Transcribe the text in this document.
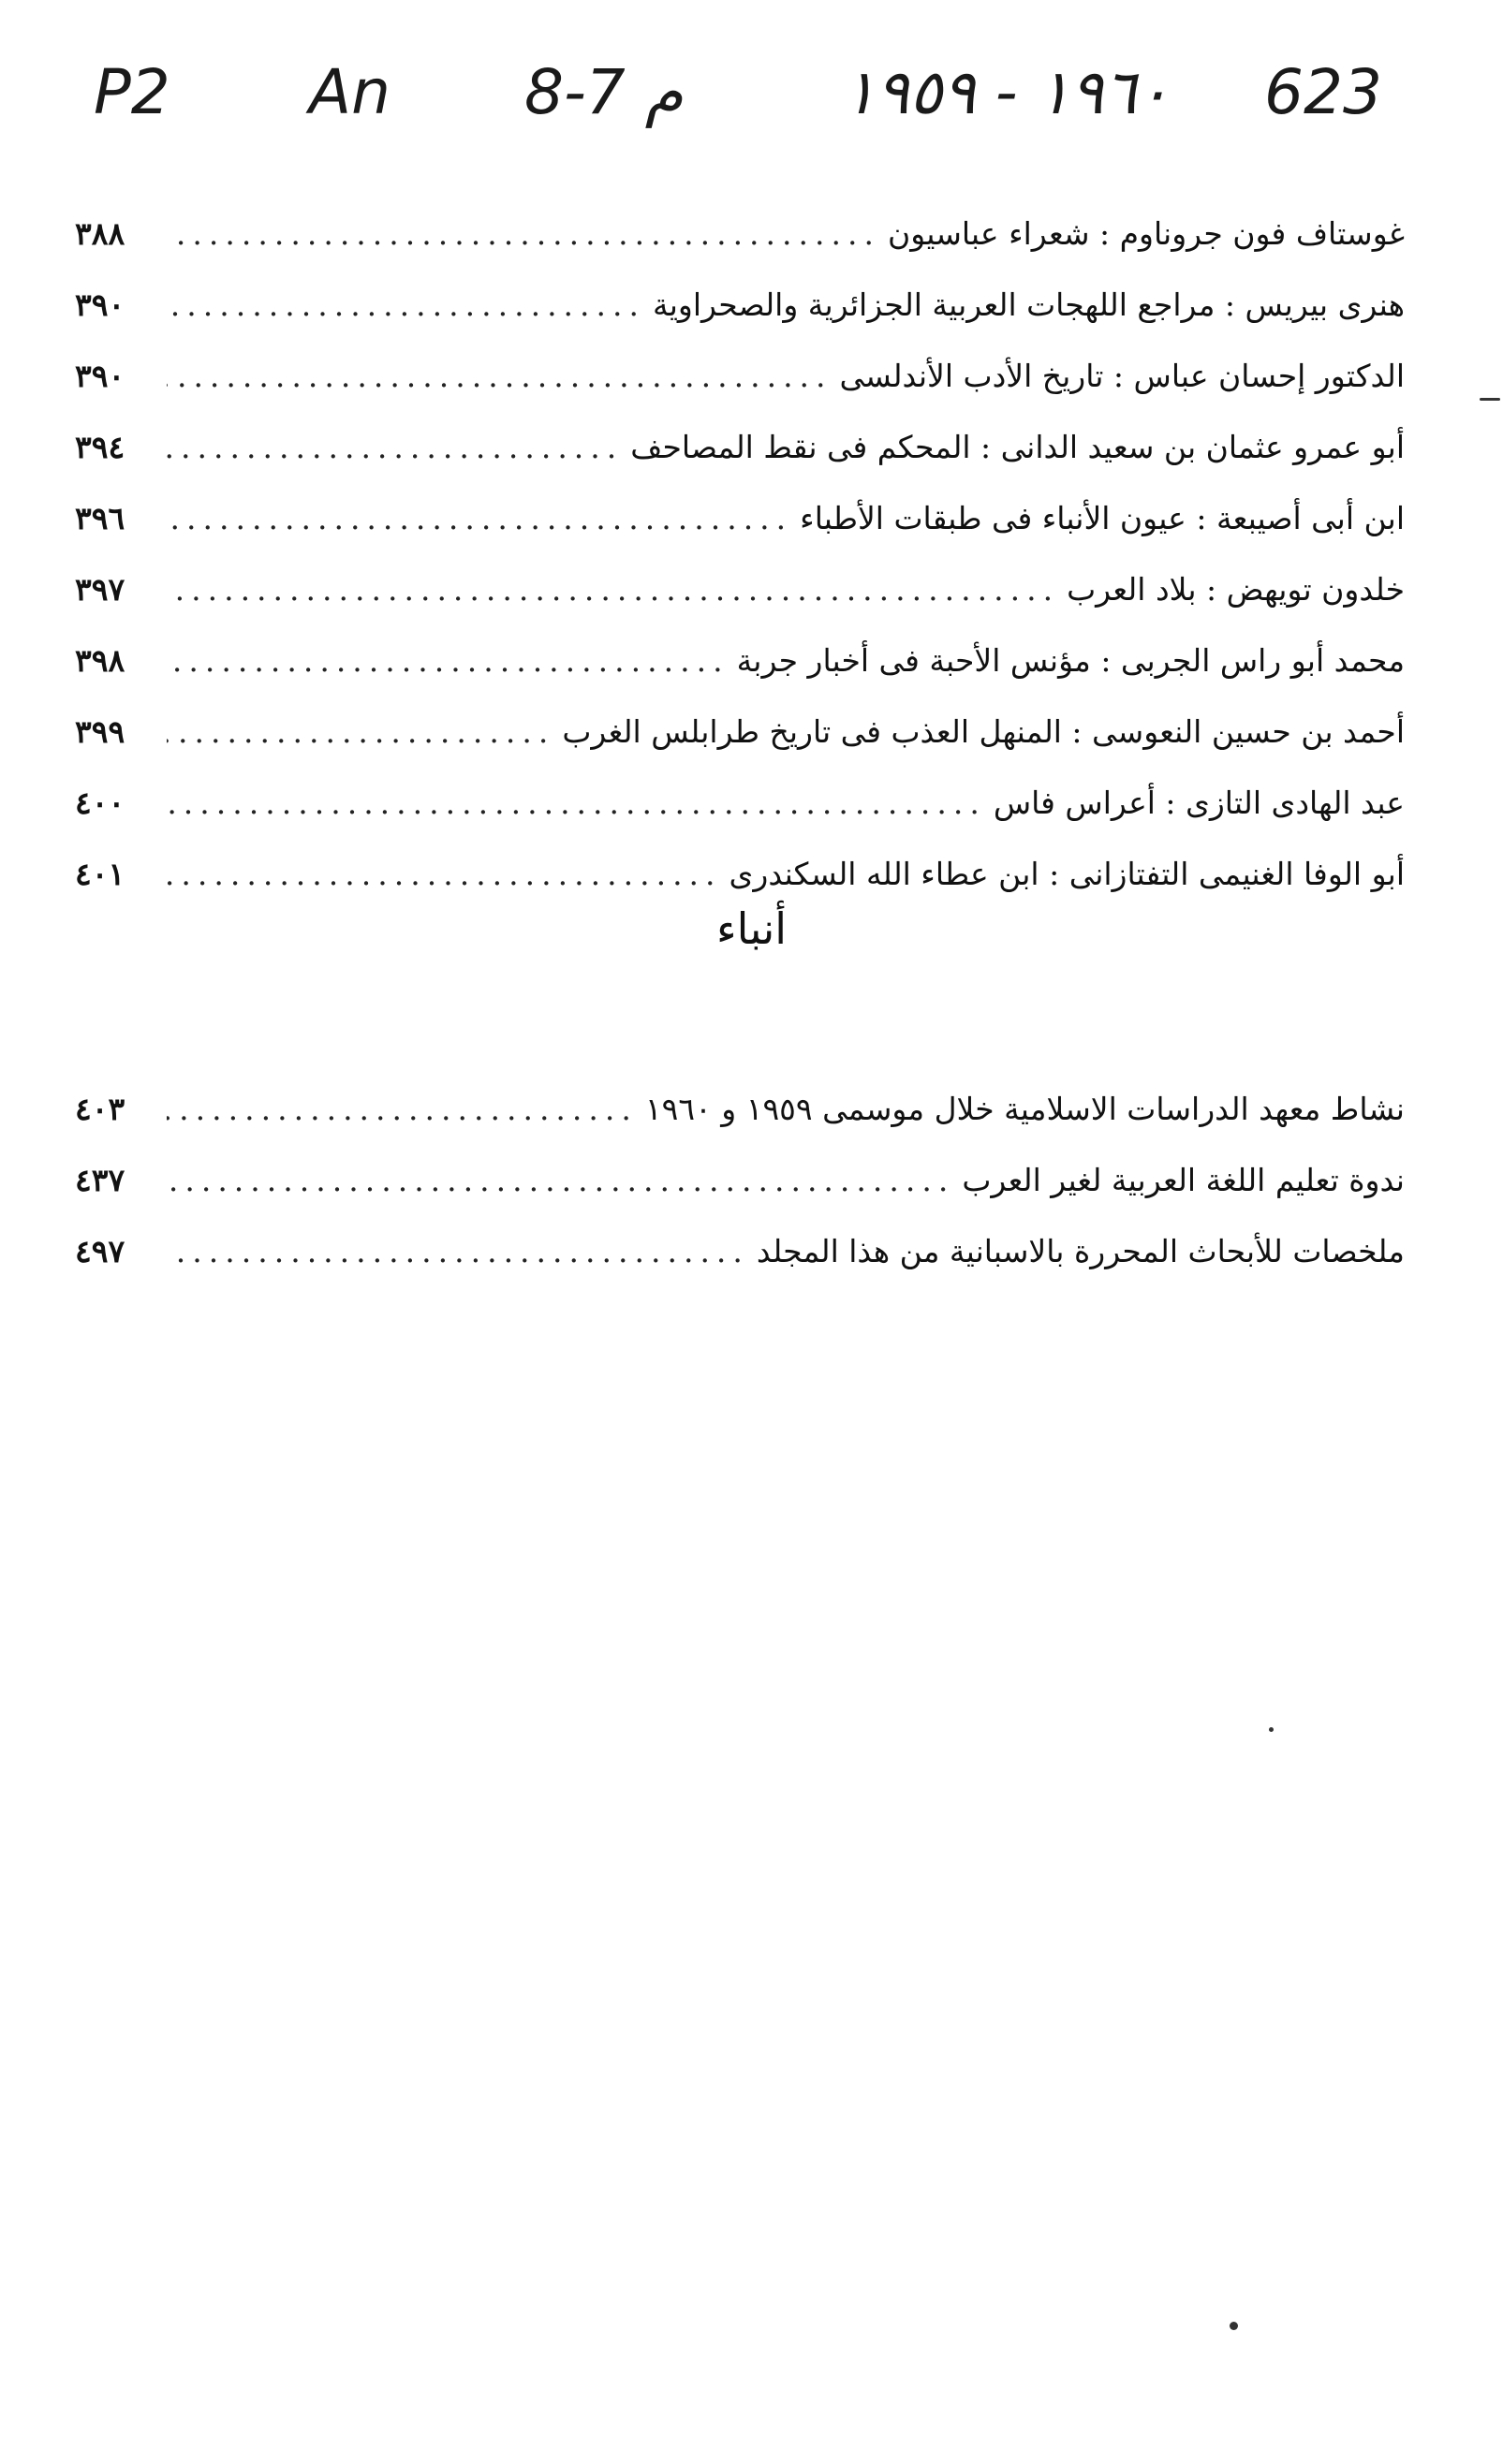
P2 An 8-7 م	١٩٦٠ - ١٩٥٩ 623
غوستاف فون جروناوم : شعراء عباسيون
.....
٣٨٨
هنرى بيريس : مراجع اللهجات العربية الجزائرية والصحراوية
.....
٣٩٠
الدكتور إحسان عباس : تاريخ الأدب الأندلسى
.....
٣٩٠
أبو عمرو عثمان بن سعيد الدانى : المحكم فى نقط المصاحف
.....
٣٩٤
ابن أبى أصيبعة : عيون الأنباء فى طبقات الأطباء
.....
٣٩٦
خلدون تويهض : بلاد العرب
.....
٣٩٧
محمد أبو راس الجربى : مؤنس الأحبة فى أخبار جربة
.....
٣٩٨
أحمد بن حسين النعوسى : المنهل العذب فى تاريخ طرابلس الغرب
.....
٣٩٩
عبد الهادى التازى : أعراس فاس
.....
٤٠٠
أبو الوفا الغنيمى التفتازانى : ابن عطاء الله السكندرى
.....
٤٠١
أنباء
نشاط معهد الدراسات الاسلامية خلال موسمى ١٩٥٩ و ١٩٦٠
.....
٤٠٣
ندوة تعليم اللغة العربية لغير العرب
.....
٤٣٧
ملخصات للأبحاث المحررة بالاسبانية من هذا المجلد
.....
٤٩٧
